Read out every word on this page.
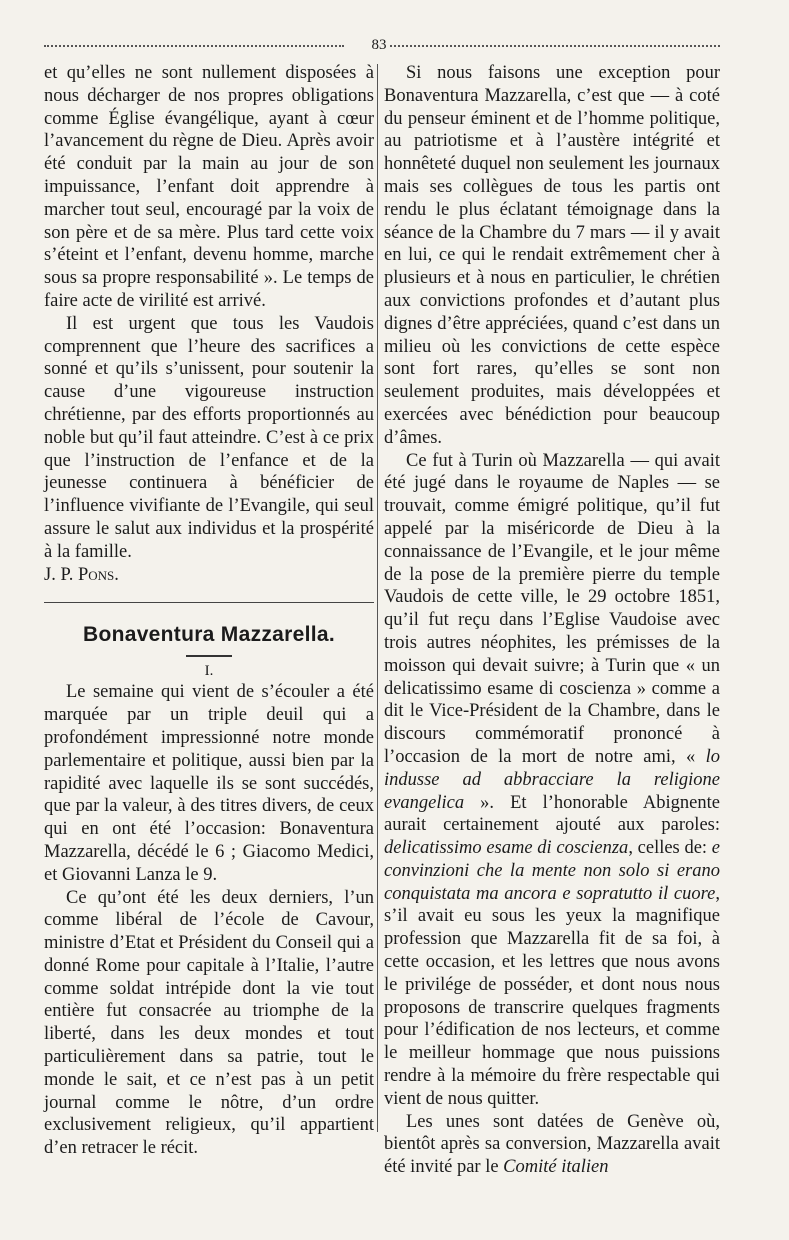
83

et qu’elles ne sont nullement disposées à nous décharger de nos propres obligations comme Église évangélique, ayant à cœur l’avancement du règne de Dieu. Après avoir été conduit par la main au jour de son impuissance, l’enfant doit apprendre à marcher tout seul, encouragé par la voix de son père et de sa mère. Plus tard cette voix s’éteint et l’enfant, devenu homme, marche sous sa propre responsabilité ». Le temps de faire acte de virilité est arrivé.

Il est urgent que tous les Vaudois comprennent que l’heure des sacrifices a sonné et qu’ils s’unissent, pour soutenir la cause d’une vigoureuse instruction chrétienne, par des efforts proportionnés au noble but qu’il faut atteindre. C’est à ce prix que l’instruction de l’enfance et de la jeunesse continuera à bénéficier de l’influence vivifiante de l’Evangile, qui seul assure le salut aux individus et la prospérité à la famille.

J. P. Pons.

Bonaventura Mazzarella.
I.

Le semaine qui vient de s’écouler a été marquée par un triple deuil qui a profondément impressionné notre monde parlementaire et politique, aussi bien par la rapidité avec laquelle ils se sont succédés, que par la valeur, à des titres divers, de ceux qui en ont été l’occasion: Bonaventura Mazzarella, décédé le 6 ; Giacomo Medici, et Giovanni Lanza le 9.

Ce qu’ont été les deux derniers, l’un comme libéral de l’école de Cavour, ministre d’Etat et Président du Conseil qui a donné Rome pour capitale à l’Italie, l’autre comme soldat intrépide dont la vie tout entière fut consacrée au triomphe de la liberté, dans les deux mondes et tout particulièrement dans sa patrie, tout le monde le sait, et ce n’est pas à un petit journal comme le nôtre, d’un ordre exclusivement religieux, qu’il appartient d’en retracer le récit.

Si nous faisons une exception pour Bonaventura Mazzarella, c’est que — à coté du penseur éminent et de l’homme politique, au patriotisme et à l’austère intégrité et honnêteté duquel non seulement les journaux mais ses collègues de tous les partis ont rendu le plus éclatant témoignage dans la séance de la Chambre du 7 mars — il y avait en lui, ce qui le rendait extrêmement cher à plusieurs et à nous en particulier, le chrétien aux convictions profondes et d’autant plus dignes d’être appréciées, quand c’est dans un milieu où les convictions de cette espèce sont fort rares, qu’elles se sont non seulement produites, mais développées et exercées avec bénédiction pour beaucoup d’âmes.

Ce fut à Turin où Mazzarella — qui avait été jugé dans le royaume de Naples — se trouvait, comme émigré politique, qu’il fut appelé par la miséricorde de Dieu à la connaissance de l’Evangile, et le jour même de la pose de la première pierre du temple Vaudois de cette ville, le 29 octobre 1851, qu’il fut reçu dans l’Eglise Vaudoise avec trois autres néophites, les prémisses de la moisson qui devait suivre; à Turin que « un delicatissimo esame di coscienza » comme a dit le Vice-Président de la Chambre, dans le discours commémoratif prononcé à l’occasion de la mort de notre ami, « lo indusse ad abbracciare la religione evangelica ». Et l’honorable Abignente aurait certainement ajouté aux paroles: delicatissimo esame di coscienza, celles de: e convinzioni che la mente non solo si erano conquistata ma ancora e sopratutto il cuore, s’il avait eu sous les yeux la magnifique profession que Mazzarella fit de sa foi, à cette occasion, et les lettres que nous avons le privilége de posséder, et dont nous nous proposons de transcrire quelques fragments pour l’édification de nos lecteurs, et comme le meilleur hommage que nous puissions rendre à la mémoire du frère respectable qui vient de nous quitter.

Les unes sont datées de Genève où, bientôt après sa conversion, Mazzarella avait été invité par le Comité italien
